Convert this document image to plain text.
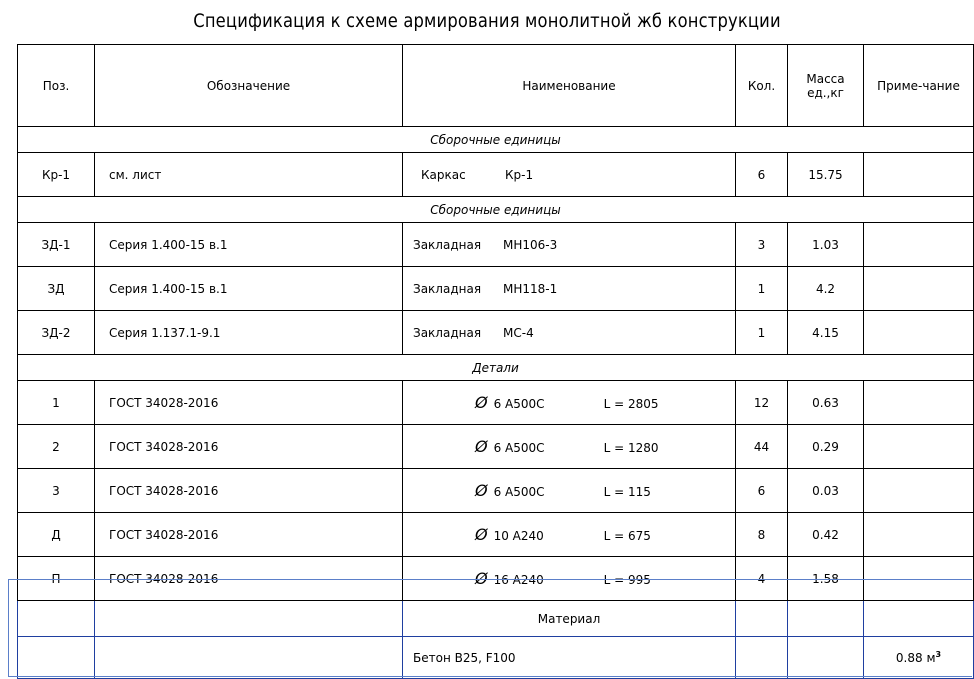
Спецификация к схеме армирования монолитной жб конструкции
Поз.	Обозначение	Наименование	Кол.	Масса ед.,кг	Приме-чание
Сборочные единицы					
Кр-1	см. лист	Каркас Кр-1	6	15.75	
Сборочные единицы					
ЗД-1	Серия 1.400-15 в.1	Закладная МН106-3	3	1.03	
ЗД	Серия 1.400-15 в.1	Закладная МН118-1	1	4.2	
ЗД-2	Серия 1.137.1-9.1	Закладная МС-4	1	4.15	
Детали					
1	ГОСТ 34028-2016	Ø 6 А500С L = 2805	12	0.63	
2	ГОСТ 34028-2016	Ø 6 А500С L = 1280	44	0.29	
3	ГОСТ 34028-2016	Ø 6 А500С L = 115	6	0.03	
Д	ГОСТ 34028-2016	Ø 10 А240 L = 675	8	0.42	
П	ГОСТ 34028-2016	Ø 16 А240 L = 995	4	1.58	
		Материал			
		Бетон В25, F100			0.88 $м^3$
